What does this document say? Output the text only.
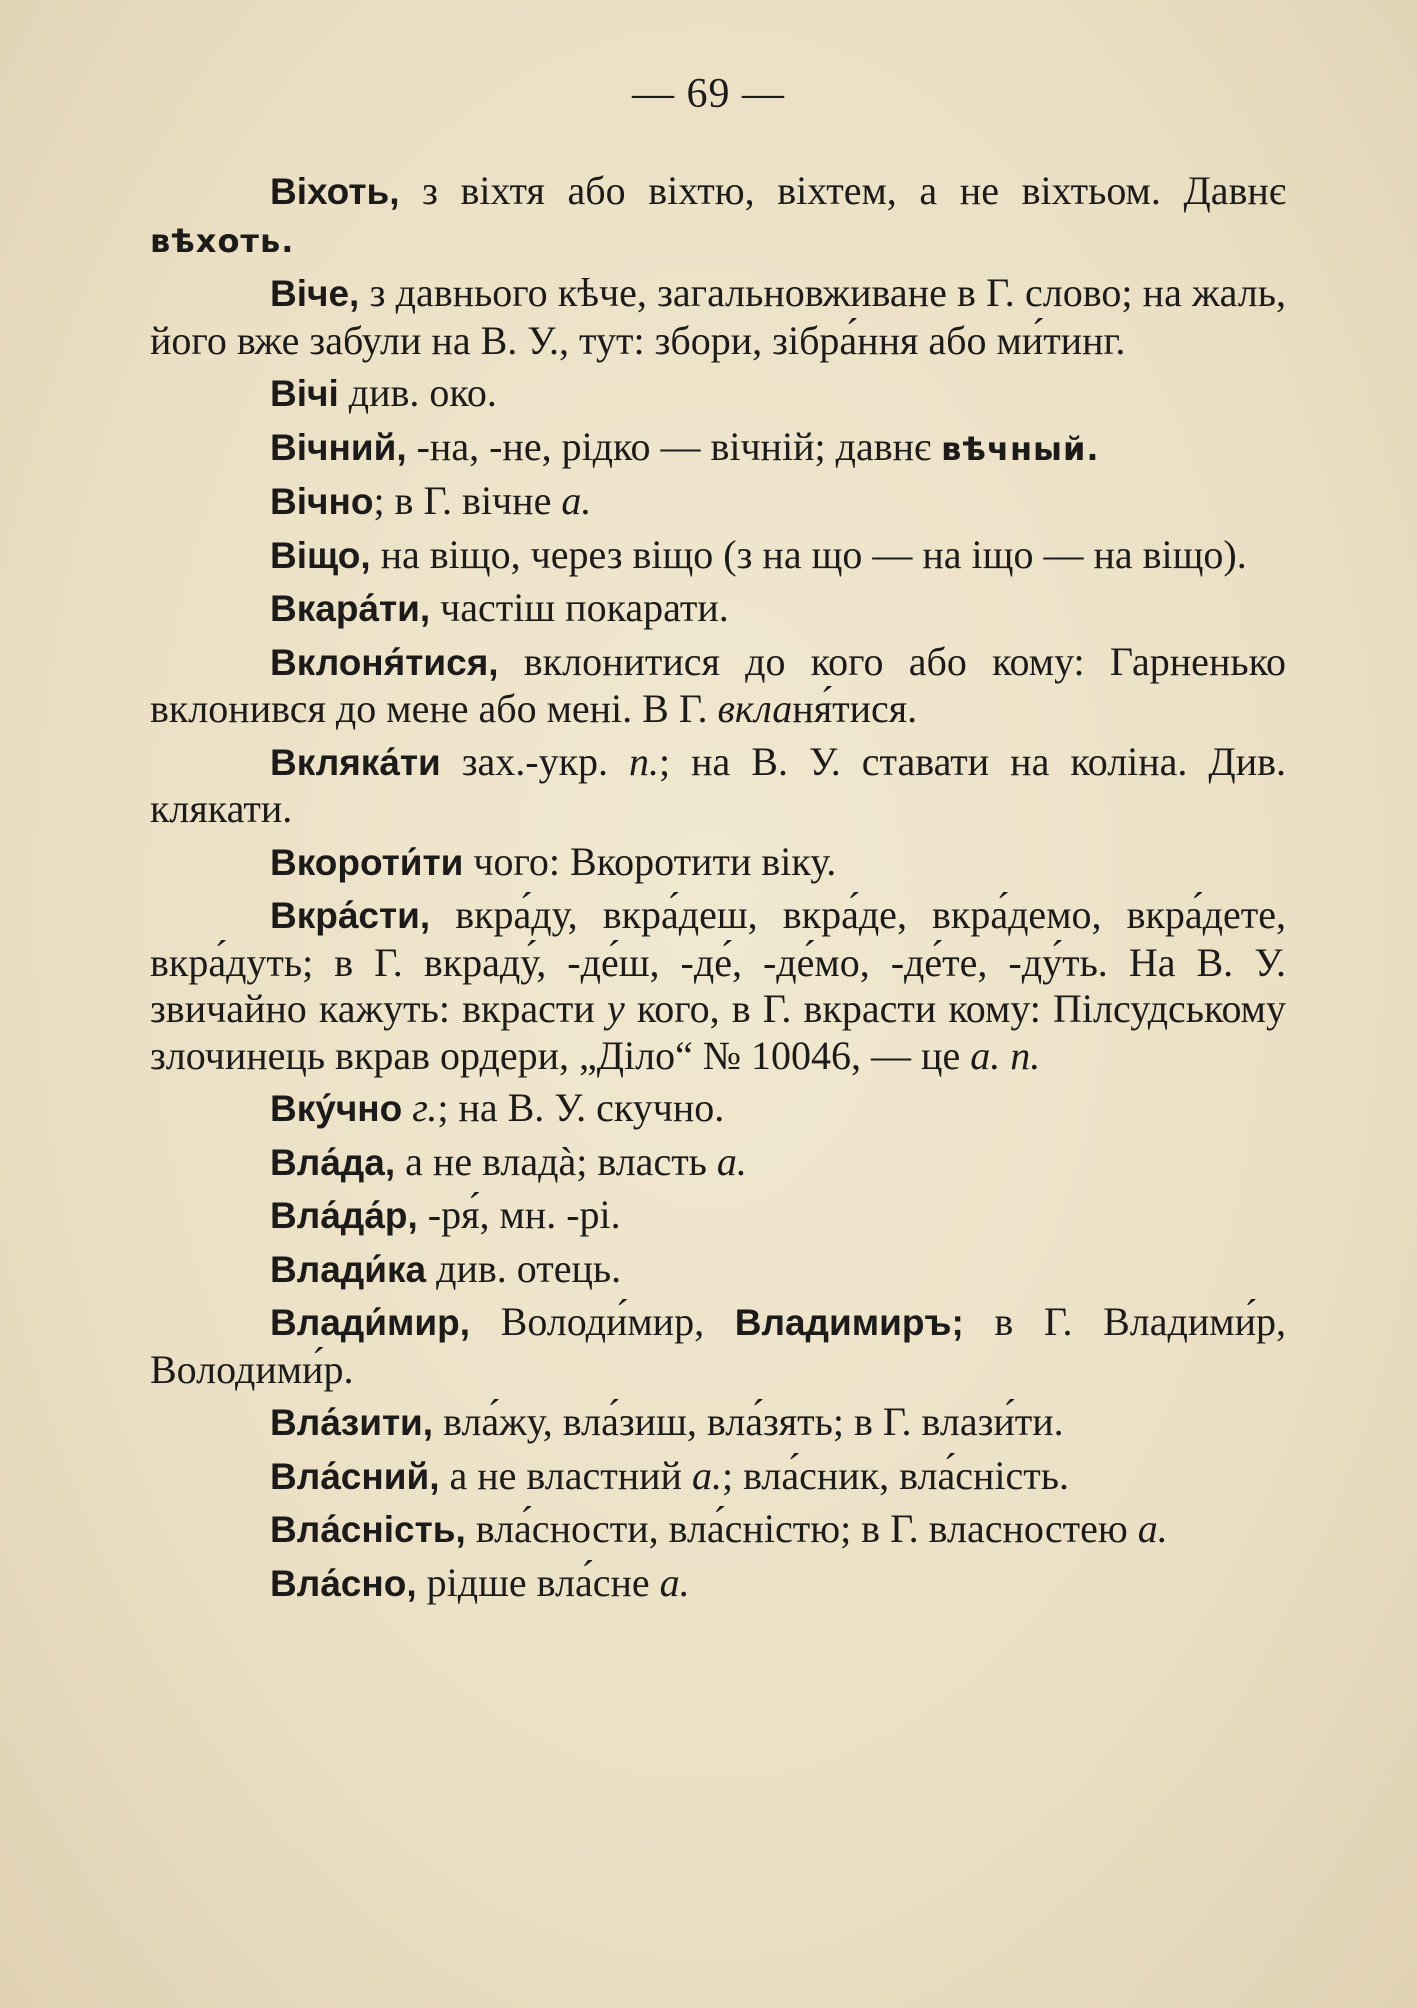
— 69 —

Віхоть, з віхтя або віхтю, віхтем, а не віхтьом. Давнє вѣхоть.

Віче, з давнього кѣче, загальновживане в Г. слово; на жаль, його вже забули на В. У., тут: збори, зібра́ння або ми́тинг.

Вічі див. око.

Вічний, -на, -не, рідко — вічній; давнє вѣчный.

Вічно; в Г. вічне а.

Віщо, на віщо, через віщо (з на що — на іщо — на віщо).

Вкара́ти, частіш покарати.

Вклоня́тися, вклонитися до кого або кому: Гарненько вклонився до мене або мені. В Г. вкланя́тися.

Вкляка́ти зах.-укр. п.; на В. У. ставати на коліна. Див. клякати.

Вкороти́ти чого: Вкоротити віку.

Вкра́сти, вкра́ду, вкра́деш, вкра́де, вкра́демо, вкра́дете, вкра́дуть; в Г. вкраду́, -де́ш, -де́, -де́мо, -де́те, -ду́ть. На В. У. звичайно кажуть: вкрасти у кого, в Г. вкрасти кому: Пілсудському злочинець вкрав ордери, „Діло“ № 10046, — це а. п.

Вку́чно г.; на В. У. скучно.

Вла́да, а не владà; власть а.

Вла́да́р, -ря́, мн. -рі.

Влади́ка див. отець.

Влади́мир, Володи́мир, Владимиръ; в Г. Владими́р, Володими́р.

Вла́зити, вла́жу, вла́зиш, вла́зять; в Г. влази́ти.

Вла́сний, а не властний а.; вла́сник, вла́сність.

Вла́сність, вла́сности, вла́сністю; в Г. власностею а.

Вла́сно, рідше вла́сне а.
